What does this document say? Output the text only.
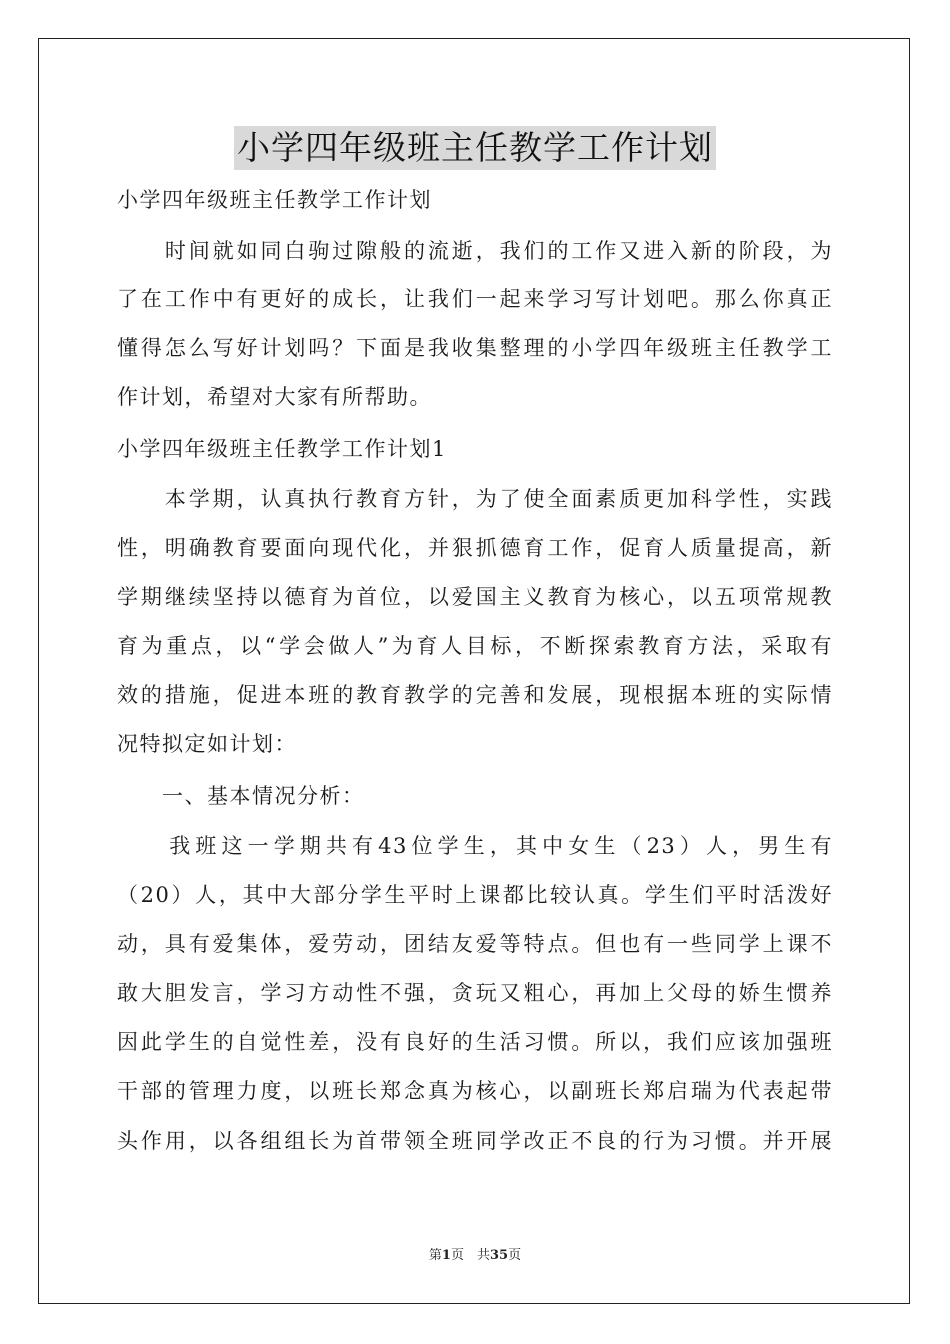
小学四年级班主任教学工作计划
小学四年级班主任教学工作计划
　　时间就如同白驹过隙般的流逝，我们的工作又进入新的阶段，为
了在工作中有更好的成长，让我们一起来学习写计划吧。那么你真正
懂得怎么写好计划吗？下面是我收集整理的小学四年级班主任教学工
作计划，希望对大家有所帮助。
小学四年级班主任教学工作计划1
　　本学期，认真执行教育方针，为了使全面素质更加科学性，实践
性，明确教育要面向现代化，并狠抓德育工作，促育人质量提高，新
学期继续坚持以德育为首位，以爱国主义教育为核心，以五项常规教
育为重点，以“学会做人”为育人目标，不断探索教育方法，采取有
效的措施，促进本班的教育教学的完善和发展，现根据本班的实际情
况特拟定如计划：
　　一、基本情况分析：
　　我班这一学期共有43位学生，其中女生（23）人，男生有
（20）人，其中大部分学生平时上课都比较认真。学生们平时活泼好
动，具有爱集体，爱劳动，团结友爱等特点。但也有一些同学上课不
敢大胆发言，学习方动性不强，贪玩又粗心，再加上父母的娇生惯养
因此学生的自觉性差，没有良好的生活习惯。所以，我们应该加强班
干部的管理力度，以班长郑念真为核心，以副班长郑启瑞为代表起带
头作用，以各组组长为首带领全班同学改正不良的行为习惯。并开展
第1页　共35页
